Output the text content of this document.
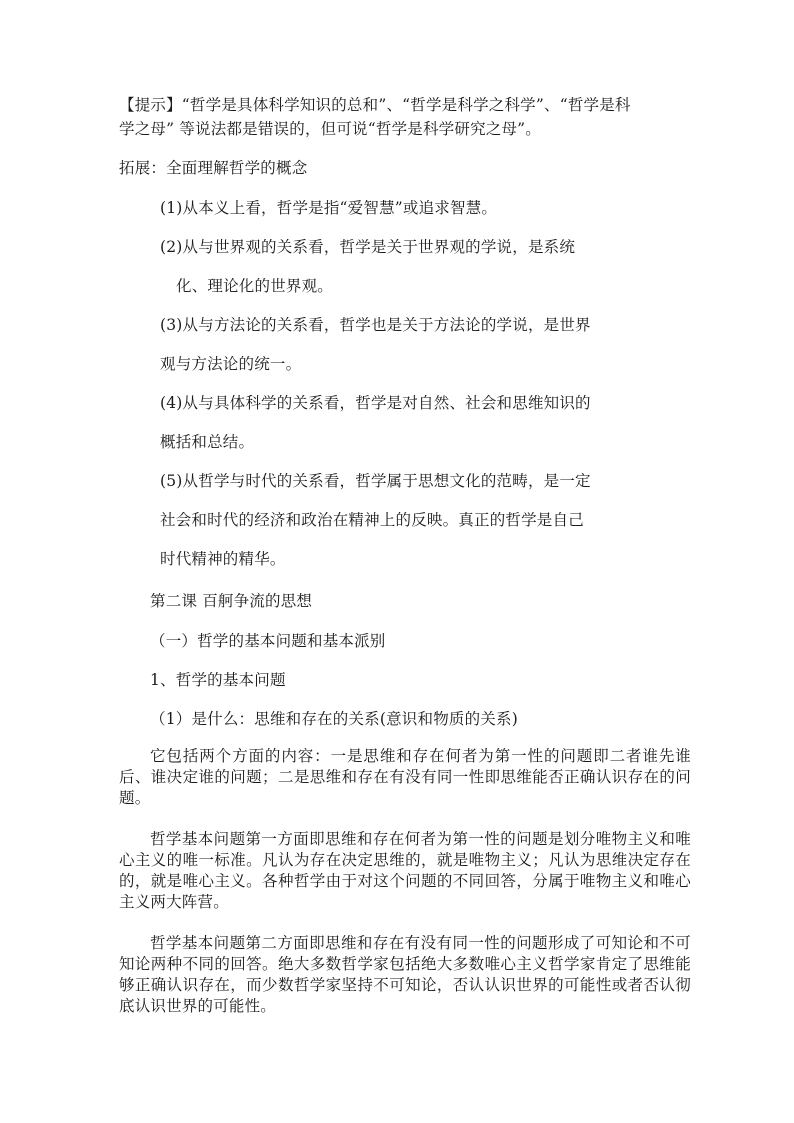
【提示】“哲学是具体科学知识的总和”、“哲学是科学之科学”、“哲学是科
学之母” 等说法都是错误的，但可说“哲学是科学研究之母”。
拓展：全面理解哲学的概念
(1)从本义上看，哲学是指“爱智慧”或追求智慧。
(2)从与世界观的关系看，哲学是关于世界观的学说，是系统
化、理论化的世界观。
(3)从与方法论的关系看，哲学也是关于方法论的学说，是世界
观与方法论的统一。
(4)从与具体科学的关系看，哲学是对自然、社会和思维知识的
概括和总结。
(5)从哲学与时代的关系看，哲学属于思想文化的范畴，是一定
社会和时代的经济和政治在精神上的反映。真正的哲学是自己
时代精神的精华。
第二课 百舸争流的思想
（一）哲学的基本问题和基本派别
1、哲学的基本问题
（1）是什么：思维和存在的关系(意识和物质的关系)
它包括两个方面的内容：一是思维和存在何者为第一性的问题即二者谁先谁后、谁决定谁的问题；二是思维和存在有没有同一性即思维能否正确认识存在的问题。
哲学基本问题第一方面即思维和存在何者为第一性的问题是划分唯物主义和唯心主义的唯一标准。凡认为存在决定思维的，就是唯物主义；凡认为思维决定存在的，就是唯心主义。各种哲学由于对这个问题的不同回答，分属于唯物主义和唯心主义两大阵营。
哲学基本问题第二方面即思维和存在有没有同一性的问题形成了可知论和不可知论两种不同的回答。绝大多数哲学家包括绝大多数唯心主义哲学家肯定了思维能够正确认识存在，而少数哲学家坚持不可知论，否认认识世界的可能性或者否认彻底认识世界的可能性。
